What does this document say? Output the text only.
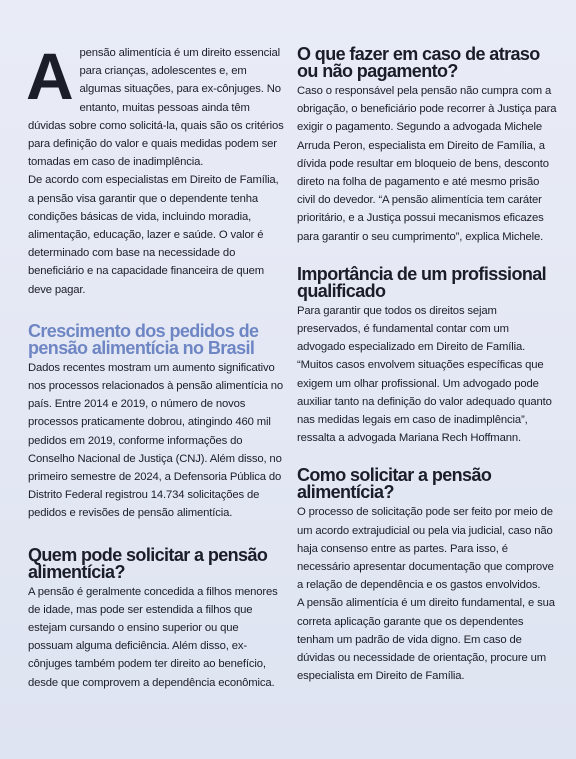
A pensão alimentícia é um direito essencial para crianças, adolescentes e, em algumas situações, para ex-cônjuges. No entanto, muitas pessoas ainda têm dúvidas sobre como solicitá-la, quais são os critérios para definição do valor e quais medidas podem ser tomadas em caso de inadimplência.

De acordo com especialistas em Direito de Família, a pensão visa garantir que o dependente tenha condições básicas de vida, incluindo moradia, alimentação, educação, lazer e saúde. O valor é determinado com base na necessidade do beneficiário e na capacidade financeira de quem deve pagar.

Crescimento dos pedidos de pensão alimentícia no Brasil

Dados recentes mostram um aumento significativo nos processos relacionados à pensão alimentícia no país. Entre 2014 e 2019, o número de novos processos praticamente dobrou, atingindo 460 mil pedidos em 2019, conforme informações do Conselho Nacional de Justiça (CNJ). Além disso, no primeiro semestre de 2024, a Defensoria Pública do Distrito Federal registrou 14.734 solicitações de pedidos e revisões de pensão alimentícia.

Quem pode solicitar a pensão alimentícia?

A pensão é geralmente concedida a filhos menores de idade, mas pode ser estendida a filhos que estejam cursando o ensino superior ou que possuam alguma deficiência. Além disso, ex-cônjuges também podem ter direito ao benefício, desde que comprovem a dependência econômica.

O que fazer em caso de atraso ou não pagamento?

Caso o responsável pela pensão não cumpra com a obrigação, o beneficiário pode recorrer à Justiça para exigir o pagamento. Segundo a advogada Michele Arruda Peron, especialista em Direito de Família, a dívida pode resultar em bloqueio de bens, desconto direto na folha de pagamento e até mesmo prisão civil do devedor. “A pensão alimentícia tem caráter prioritário, e a Justiça possui mecanismos eficazes para garantir o seu cumprimento”, explica Michele.

Importância de um profissional qualificado

Para garantir que todos os direitos sejam preservados, é fundamental contar com um advogado especializado em Direito de Família. “Muitos casos envolvem situações específicas que exigem um olhar profissional. Um advogado pode auxiliar tanto na definição do valor adequado quanto nas medidas legais em caso de inadimplência”, ressalta a advogada Mariana Rech Hoffmann.

Como solicitar a pensão alimentícia?

O processo de solicitação pode ser feito por meio de um acordo extrajudicial ou pela via judicial, caso não haja consenso entre as partes. Para isso, é necessário apresentar documentação que comprove a relação de dependência e os gastos envolvidos.

A pensão alimentícia é um direito fundamental, e sua correta aplicação garante que os dependentes tenham um padrão de vida digno. Em caso de dúvidas ou necessidade de orientação, procure um especialista em Direito de Família.
